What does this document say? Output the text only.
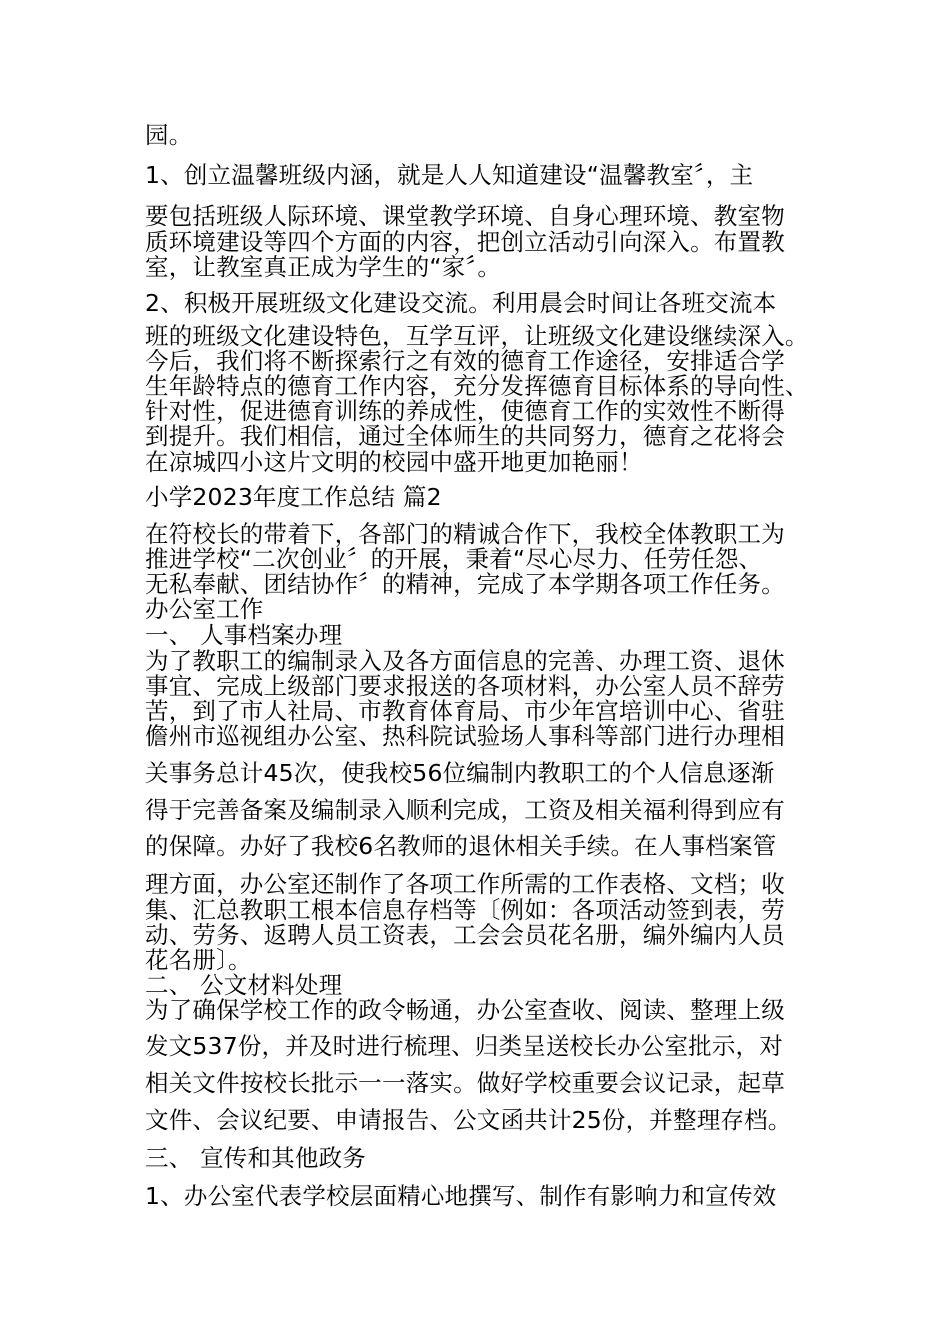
园。
1、创立温馨班级内涵，就是人人知道建设“温馨教室〞，主
要包括班级人际环境、课堂教学环境、自身心理环境、教室物
质环境建设等四个方面的内容，把创立活动引向深入。布置教
室，让教室真正成为学生的“家〞。
2、积极开展班级文化建设交流。利用晨会时间让各班交流本
班的班级文化建设特色，互学互评，让班级文化建设继续深入。
今后，我们将不断探索行之有效的德育工作途径，安排适合学
生年龄特点的德育工作内容，充分发挥德育目标体系的导向性、
针对性，促进德育训练的养成性，使德育工作的实效性不断得
到提升。我们相信，通过全体师生的共同努力，德育之花将会
在凉城四小这片文明的校园中盛开地更加艳丽！
小学2023年度工作总结 篇2
在符校长的带着下，各部门的精诚合作下，我校全体教职工为
推进学校“二次创业〞的开展，秉着“尽心尽力、任劳任怨、
无私奉献、团结协作〞的精神，完成了本学期各项工作任务。
办公室工作
一、 人事档案办理
为了教职工的编制录入及各方面信息的完善、办理工资、退休
事宜、完成上级部门要求报送的各项材料，办公室人员不辞劳
苦，到了市人社局、市教育体育局、市少年宫培训中心、省驻
儋州市巡视组办公室、热科院试验场人事科等部门进行办理相
关事务总计45次，使我校56位编制内教职工的个人信息逐渐
得于完善备案及编制录入顺利完成，工资及相关福利得到应有
的保障。办好了我校6名教师的退休相关手续。在人事档案管
理方面，办公室还制作了各项工作所需的工作表格、文档；收
集、汇总教职工根本信息存档等〔例如：各项活动签到表，劳
动、劳务、返聘人员工资表，工会会员花名册，编外编内人员
花名册〕。
二、 公文材料处理
为了确保学校工作的政令畅通，办公室查收、阅读、整理上级
发文537份，并及时进行梳理、归类呈送校长办公室批示，对
相关文件按校长批示一一落实。做好学校重要会议记录，起草
文件、会议纪要、申请报告、公文函共计25份，并整理存档。
三、 宣传和其他政务
1、办公室代表学校层面精心地撰写、制作有影响力和宣传效
